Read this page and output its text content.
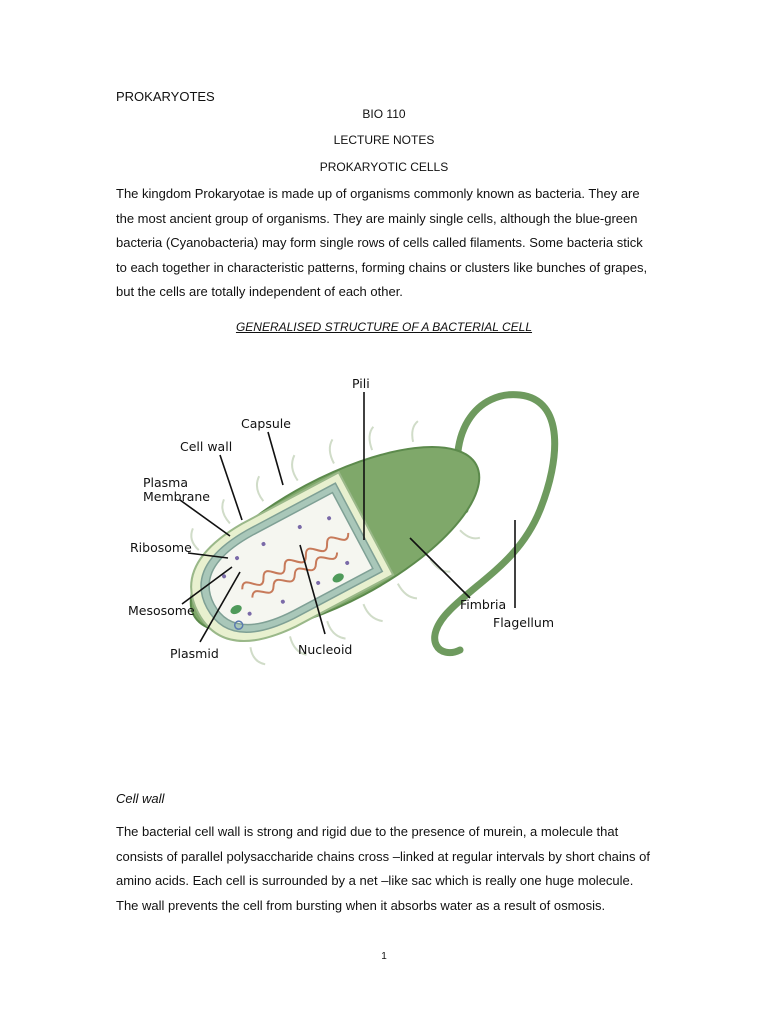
PROKARYOTES
BIO 110
LECTURE NOTES
PROKARYOTIC CELLS

The kingdom Prokaryotae is made up of organisms commonly known as bacteria. They are the most ancient group of organisms. They are mainly single cells, although the blue-green bacteria (Cyanobacteria) may form single rows of cells called filaments. Some bacteria stick to each together in characteristic patterns, forming chains or clusters like bunches of grapes, but the cells are totally independent of each other.

GENERALISED STRUCTURE OF A BACTERIAL CELL
Pili
Capsule
Cell wall
Plasma
Membrane
Ribosome
Mesosome
Plasmid	Nucleoid
Fimbria
Flagellum
Cell wall

The bacterial cell wall is strong and rigid due to the presence of murein, a molecule that consists of parallel polysaccharide chains cross –linked at regular intervals by short chains of amino acids. Each cell is surrounded by a net –like sac which is really one huge molecule. The wall prevents the cell from bursting when it absorbs water as a result of osmosis.

1
